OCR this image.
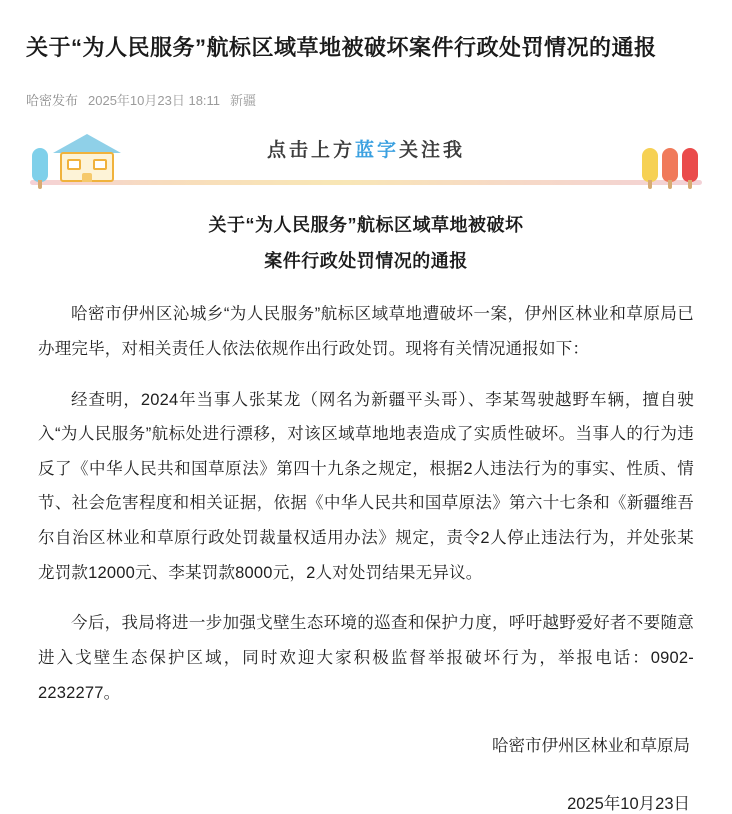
关于“为人民服务”航标区域草地被破坏案件行政处罚情况的通报
哈密发布 2025年10月23日 18:11 新疆
点击上方蓝字关注我
关于“为人民服务”航标区域草地被破坏
案件行政处罚情况的通报

哈密市伊州区沁城乡“为人民服务”航标区域草地遭破坏一案，伊州区林业和草原局已办理完毕，对相关责任人依法依规作出行政处罚。现将有关情况通报如下：

经查明，2024年当事人张某龙（网名为新疆平头哥）、李某驾驶越野车辆，擅自驶入“为人民服务”航标处进行漂移，对该区域草地地表造成了实质性破坏。当事人的行为违反了《中华人民共和国草原法》第四十九条之规定，根据2人违法行为的事实、性质、情节、社会危害程度和相关证据，依据《中华人民共和国草原法》第六十七条和《新疆维吾尔自治区林业和草原行政处罚裁量权适用办法》规定，责令2人停止违法行为，并处张某龙罚款12000元、李某罚款8000元，2人对处罚结果无异议。

今后，我局将进一步加强戈壁生态环境的巡查和保护力度，呼吁越野爱好者不要随意进入戈壁生态保护区域，同时欢迎大家积极监督举报破坏行为，举报电话：0902-2232277。

哈密市伊州区林业和草原局
2025年10月23日
